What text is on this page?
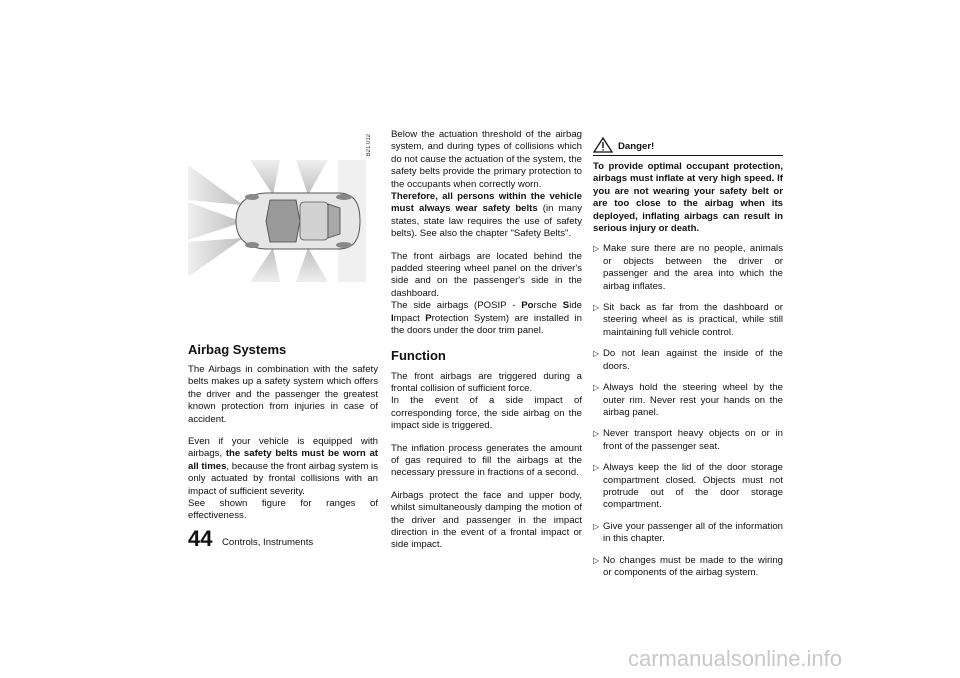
B21 012
Airbag Systems

The Airbags in combination with the safety belts makes up a safety system which offers the driver and the passenger the greatest known protection from injuries in case of accident.

Even if your vehicle is equipped with airbags, the safety belts must be worn at all times, because the front airbag system is only actuated by frontal collisions with an impact of sufficient severity.
See shown figure for ranges of effectiveness.

Below the actuation threshold of the airbag system, and during types of collisions which do not cause the actuation of the system, the safety belts provide the primary protection to the occupants when correctly worn.
Therefore, all persons within the vehicle must always wear safety belts (in many states, state law requires the use of safety belts). See also the chapter "Safety Belts".

The front airbags are located behind the padded steering wheel panel on the driver's side and on the passenger's side in the dashboard.
The side airbags (POSIP - Porsche Side Impact Protection System) are installed in the doors under the door trim panel.

Function

The front airbags are triggered during a frontal collision of sufficient force.
In the event of a side impact of corresponding force, the side airbag on the impact side is triggered.

The inflation process generates the amount of gas required to fill the airbags at the necessary pressure in fractions of a second.

Airbags protect the face and upper body, whilst simultaneously damping the motion of the driver and passenger in the impact direction in the event of a frontal impact or side impact.

Danger!

To provide optimal occupant protection, airbags must inflate at very high speed. If you are not wearing your safety belt or are too close to the airbag when its deployed, inflating airbags can result in serious injury or death.

▷ Make sure there are no people, animals or objects between the driver or passenger and the area into which the airbag inflates.
▷ Sit back as far from the dashboard or steering wheel as is practical, while still maintaining full vehicle control.
▷ Do not lean against the inside of the doors.
▷ Always hold the steering wheel by the outer rim. Never rest your hands on the airbag panel.
▷ Never transport heavy objects on or in front of the passenger seat.
▷ Always keep the lid of the door storage compartment closed. Objects must not protrude out of the door storage compartment.
▷ Give your passenger all of the information in this chapter.
▷ No changes must be made to the wiring or components of the airbag system.
44 Controls, Instruments
carmanualsonline.info
